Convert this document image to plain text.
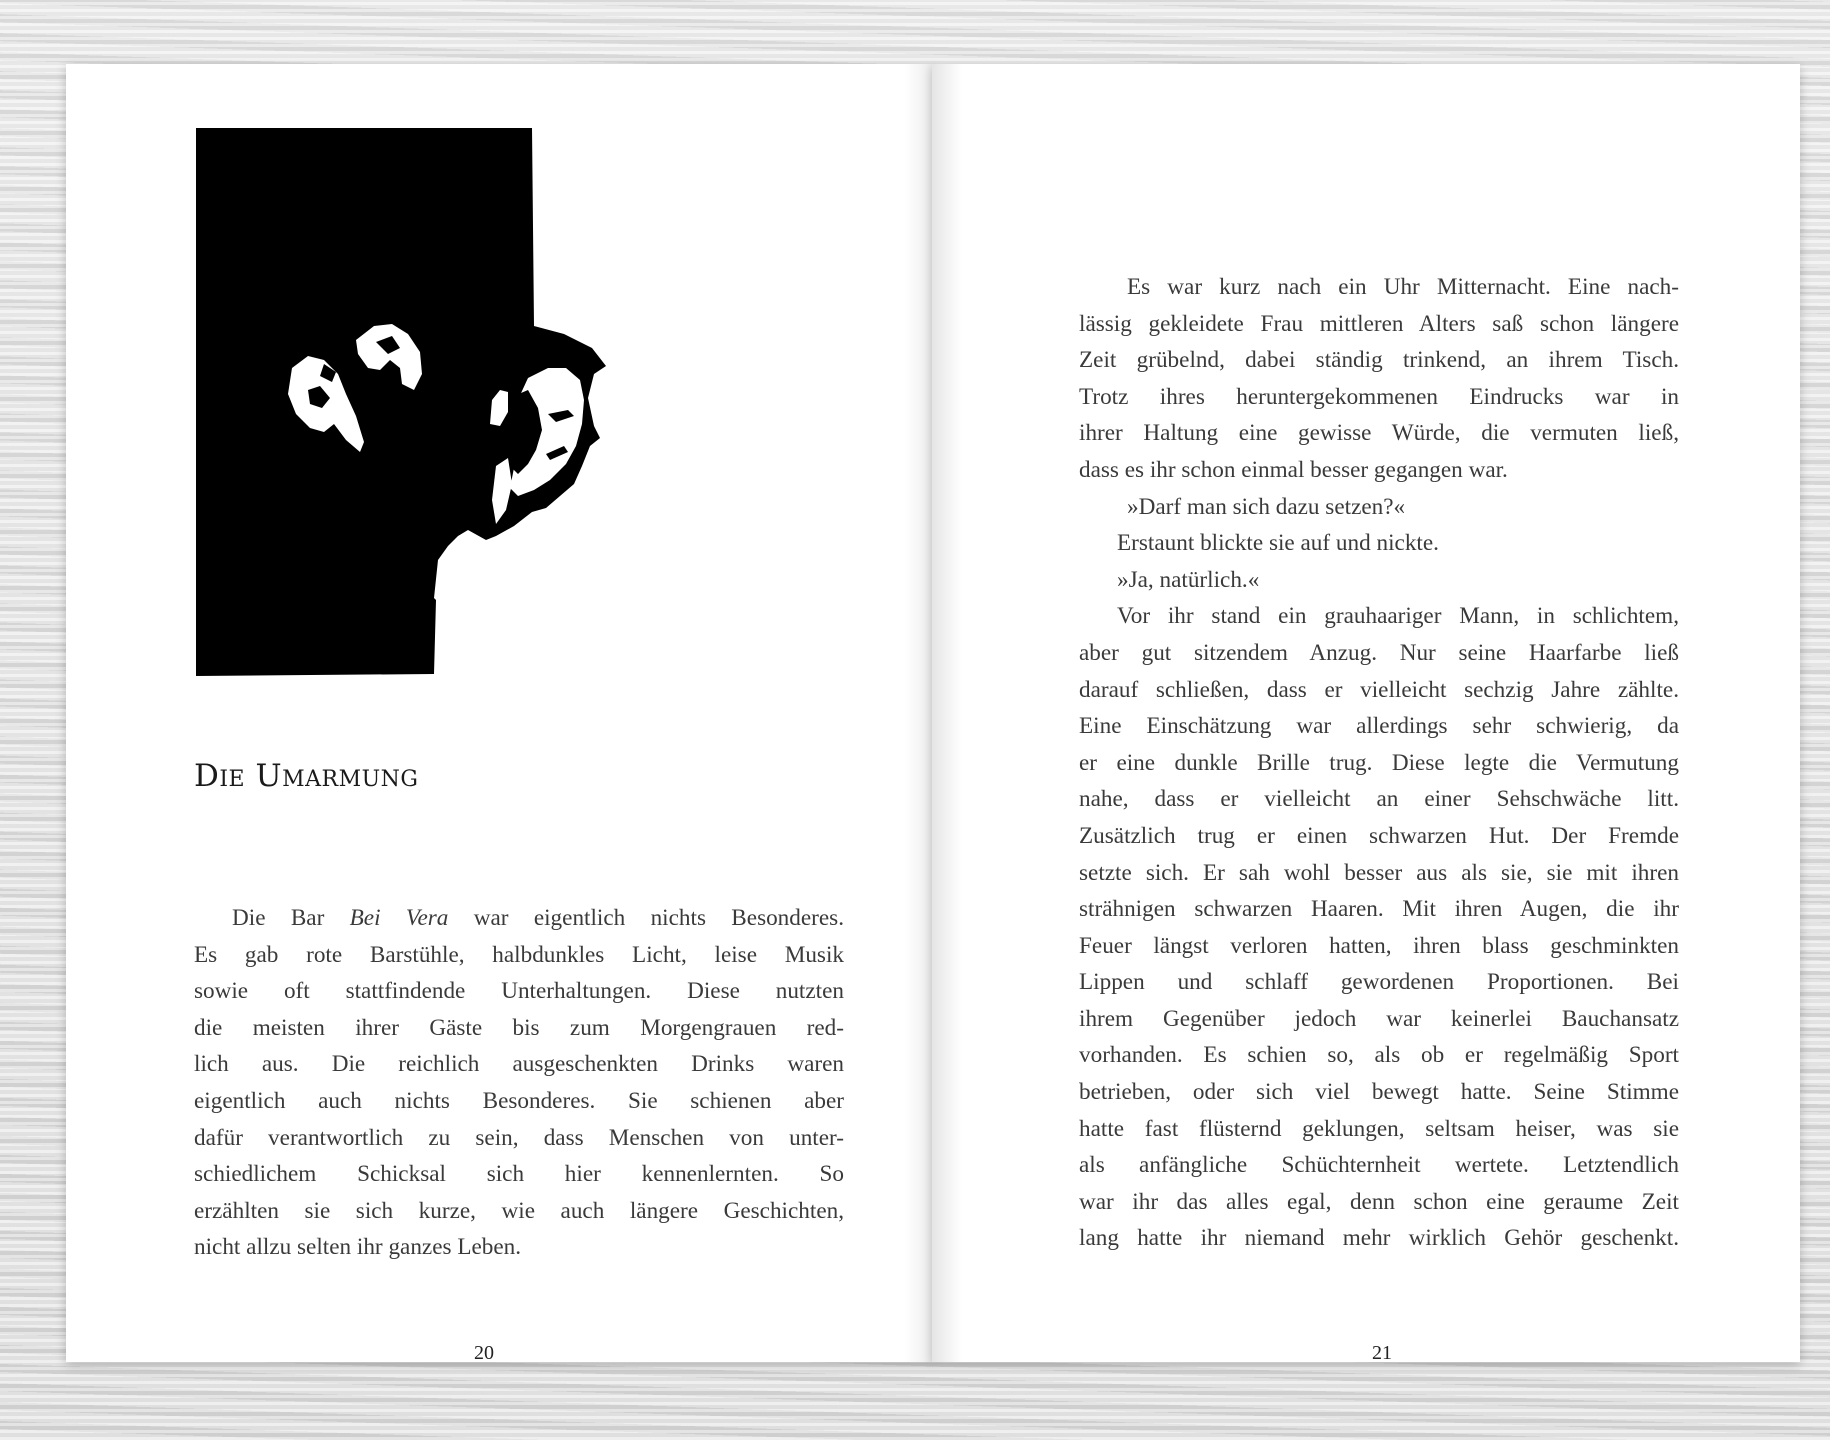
Die Umarmung
Die Bar Bei Vera war eigentlich nichts Besonderes.
Es gab rote Barstühle, halbdunkles Licht, leise Musik
sowie oft stattfindende Unterhaltungen. Diese nutzten
die meisten ihrer Gäste bis zum Morgengrauen red-
lich aus. Die reichlich ausgeschenkten Drinks waren
eigentlich auch nichts Besonderes. Sie schienen aber
dafür verantwortlich zu sein, dass Menschen von unter-
schiedlichem Schicksal sich hier kennenlernten. So
erzählten sie sich kurze, wie auch längere Geschichten,
nicht allzu selten ihr ganzes Leben.
20
Es war kurz nach ein Uhr Mitternacht. Eine nach-
lässig gekleidete Frau mittleren Alters saß schon längere
Zeit grübelnd, dabei ständig trinkend, an ihrem Tisch.
Trotz ihres heruntergekommenen Eindrucks war in
ihrer Haltung eine gewisse Würde, die vermuten ließ,
dass es ihr schon einmal besser gegangen war.
»Darf man sich dazu setzen?«
Erstaunt blickte sie auf und nickte.
»Ja, natürlich.«
Vor ihr stand ein grauhaariger Mann, in schlichtem,
aber gut sitzendem Anzug. Nur seine Haarfarbe ließ
darauf schließen, dass er vielleicht sechzig Jahre zählte.
Eine Einschätzung war allerdings sehr schwierig, da
er eine dunkle Brille trug. Diese legte die Vermutung
nahe, dass er vielleicht an einer Sehschwäche litt.
Zusätzlich trug er einen schwarzen Hut. Der Fremde
setzte sich. Er sah wohl besser aus als sie, sie mit ihren
strähnigen schwarzen Haaren. Mit ihren Augen, die ihr
Feuer längst verloren hatten, ihren blass geschminkten
Lippen und schlaff gewordenen Proportionen. Bei
ihrem Gegenüber jedoch war keinerlei Bauchansatz
vorhanden. Es schien so, als ob er regelmäßig Sport
betrieben, oder sich viel bewegt hatte. Seine Stimme
hatte fast flüsternd geklungen, seltsam heiser, was sie
als anfängliche Schüchternheit wertete. Letztendlich
war ihr das alles egal, denn schon eine geraume Zeit
lang hatte ihr niemand mehr wirklich Gehör geschenkt.
21
